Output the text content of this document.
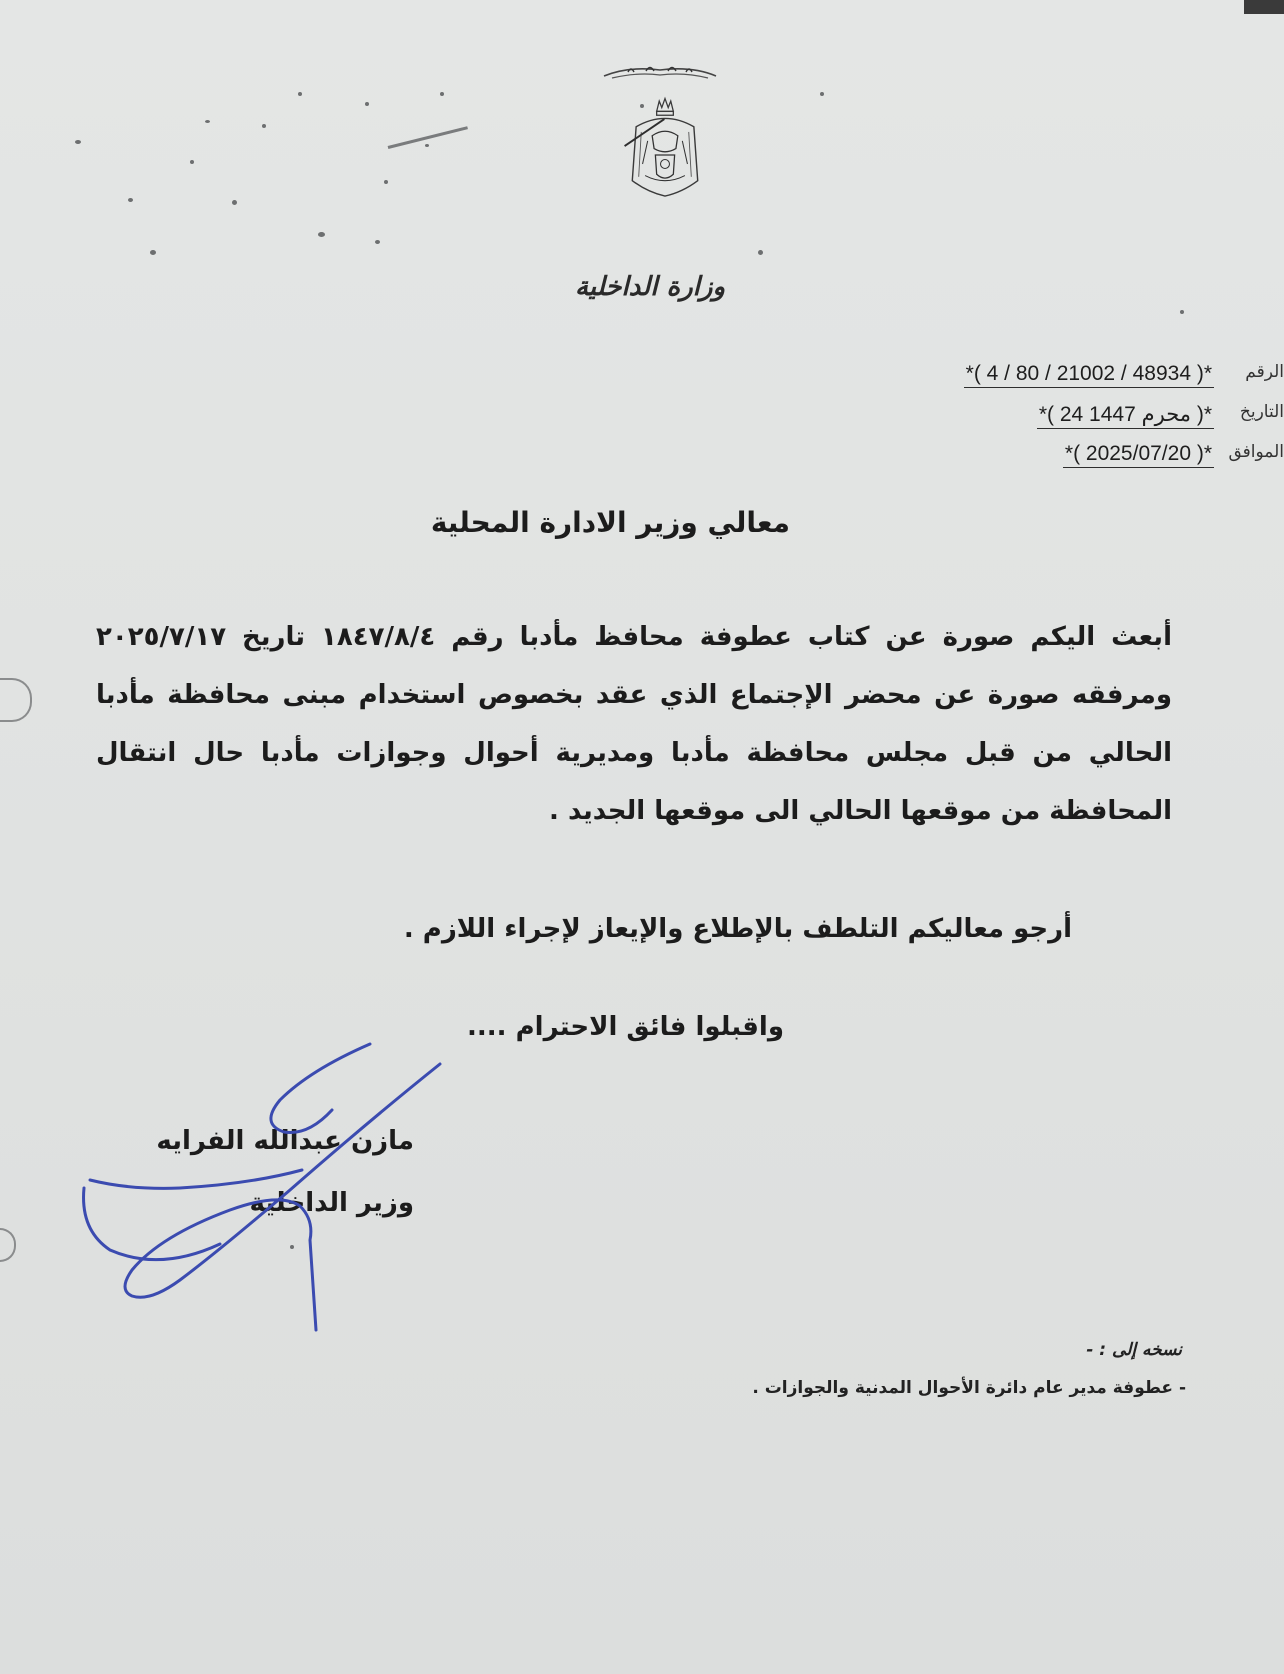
وزارة الداخلية
الرقم
*( 4 / 80 / 21002 / 48934 )*
التاريخ
*( 24 محرم 1447 )*
الموافق
*( 2025/07/20 )*
معالي وزير الادارة المحلية
أبعث اليكم صورة عن كتاب عطوفة محافظ مأدبا رقم ١٨٤٧/٨/٤ تاريخ ٢٠٢٥/٧/١٧ ومرفقه صورة عن محضر الإجتماع الذي عقد بخصوص استخدام مبنى محافظة مأدبا الحالي من قبل مجلس محافظة مأدبا ومديرية أحوال وجوازات مأدبا حال انتقال المحافظة من موقعها الحالي الى موقعها الجديد .
أرجو معاليكم التلطف بالإطلاع والإيعاز لإجراء اللازم .
واقبلوا فائق الاحترام ....
مازن عبدالله الفرايه
وزير الداخلية
نسخه إلى : -
- عطوفة مدير عام دائرة الأحوال المدنية والجوازات .
